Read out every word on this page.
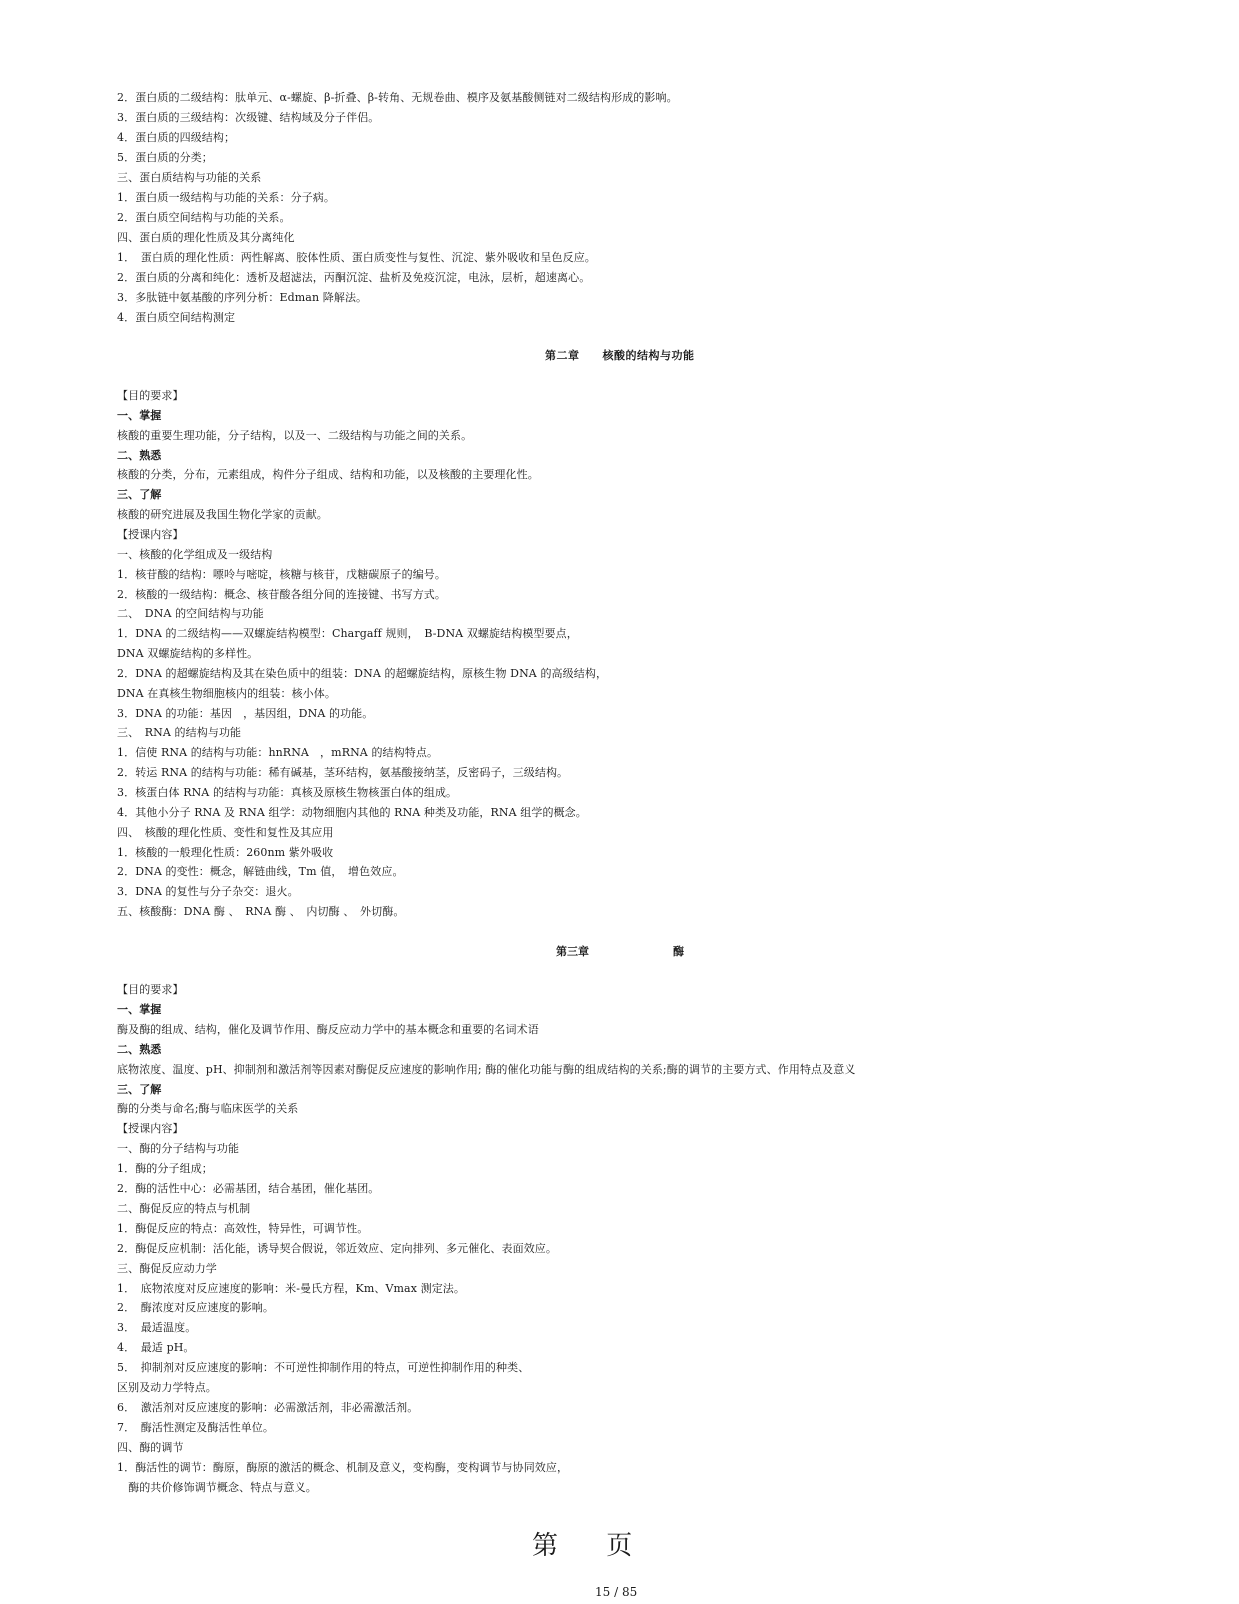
2．蛋白质的二级结构：肽单元、α-螺旋、β-折叠、β-转角、无规卷曲、模序及氨基酸侧链对二级结构形成的影响。
3．蛋白质的三级结构：次级键、结构域及分子伴侣。
4．蛋白质的四级结构；
5．蛋白质的分类；
三、蛋白质结构与功能的关系
1．蛋白质一级结构与功能的关系：分子病。
2．蛋白质空间结构与功能的关系。
四、蛋白质的理化性质及其分离纯化
1．　蛋白质的理化性质：两性解离、胶体性质、蛋白质变性与复性、沉淀、紫外吸收和呈色反应。
2．蛋白质的分离和纯化：透析及超滤法，丙酮沉淀、盐析及免疫沉淀，电泳，层析，超速离心。
3．多肽链中氨基酸的序列分析：Edman 降解法。
4．蛋白质空间结构测定
第二章　　核酸的结构与功能
【目的要求】
一、掌握
核酸的重要生理功能，分子结构，以及一、二级结构与功能之间的关系。
二、熟悉
核酸的分类，分布，元素组成，构件分子组成、结构和功能，以及核酸的主要理化性。
三、了解
核酸的研究进展及我国生物化学家的贡献。
【授课内容】
一、核酸的化学组成及一级结构
1．核苷酸的结构：嘌呤与嘧啶，核糖与核苷，戊糖碳原子的编号。
2．核酸的一级结构：概念、核苷酸各组分间的连接键、书写方式。
二、　DNA 的空间结构与功能
1．DNA 的二级结构——双螺旋结构模型：Chargaff 规则，　B-DNA 双螺旋结构模型要点，
DNA 双螺旋结构的多样性。
2．DNA 的超螺旋结构及其在染色质中的组装：DNA 的超螺旋结构，原核生物 DNA 的高级结构，
DNA 在真核生物细胞核内的组装：核小体。
3．DNA 的功能：基因　，基因组，DNA 的功能。
三、　RNA 的结构与功能
1．信使 RNA 的结构与功能：hnRNA　，mRNA 的结构特点。
2．转运 RNA 的结构与功能：稀有碱基，茎环结构，氨基酸接纳茎，反密码子，三级结构。
3．核蛋白体 RNA 的结构与功能：真核及原核生物核蛋白体的组成。
4．其他小分子 RNA 及 RNA 组学：动物细胞内其他的 RNA 种类及功能，RNA 组学的概念。
四、　核酸的理化性质、变性和复性及其应用
1．核酸的一般理化性质：260nm 紫外吸收
2．DNA 的变性：概念，解链曲线，Tm 值，　增色效应。
3．DNA 的复性与分子杂交：退火。
五、核酸酶：DNA 酶 、　RNA 酶 、　内切酶 、　外切酶。
第三章	酶
【目的要求】
一、掌握
酶及酶的组成、结构，催化及调节作用、酶反应动力学中的基本概念和重要的名词术语
二、熟悉
底物浓度、温度、pH、抑制剂和激活剂等因素对酶促反应速度的影响作用; 酶的催化功能与酶的组成结构的关系;酶的调节的主要方式、作用特点及意义
三、了解
酶的分类与命名;酶与临床医学的关系
【授课内容】
一、酶的分子结构与功能
1．酶的分子组成；
2．酶的活性中心：必需基团，结合基团，催化基团。
二、酶促反应的特点与机制
1．酶促反应的特点：高效性，特异性，可调节性。
2．酶促反应机制：活化能，诱导契合假说，邻近效应、定向排列、多元催化、表面效应。
三、酶促反应动力学
1．　底物浓度对反应速度的影响：米-曼氏方程，Km、Vmax 测定法。
2．　酶浓度对反应速度的影响。
3．　最适温度。
4．　最适 pH。
5．　抑制剂对反应速度的影响：不可逆性抑制作用的特点，可逆性抑制作用的种类、
区别及动力学特点。
6．　激活剂对反应速度的影响：必需激活剂，非必需激活剂。
7．　酶活性测定及酶活性单位。
四、酶的调节
1．酶活性的调节：酶原，酶原的激活的概念、机制及意义，变构酶，变构调节与协同效应，
　酶的共价修饰调节概念、特点与意义。
第 页
15 / 85
